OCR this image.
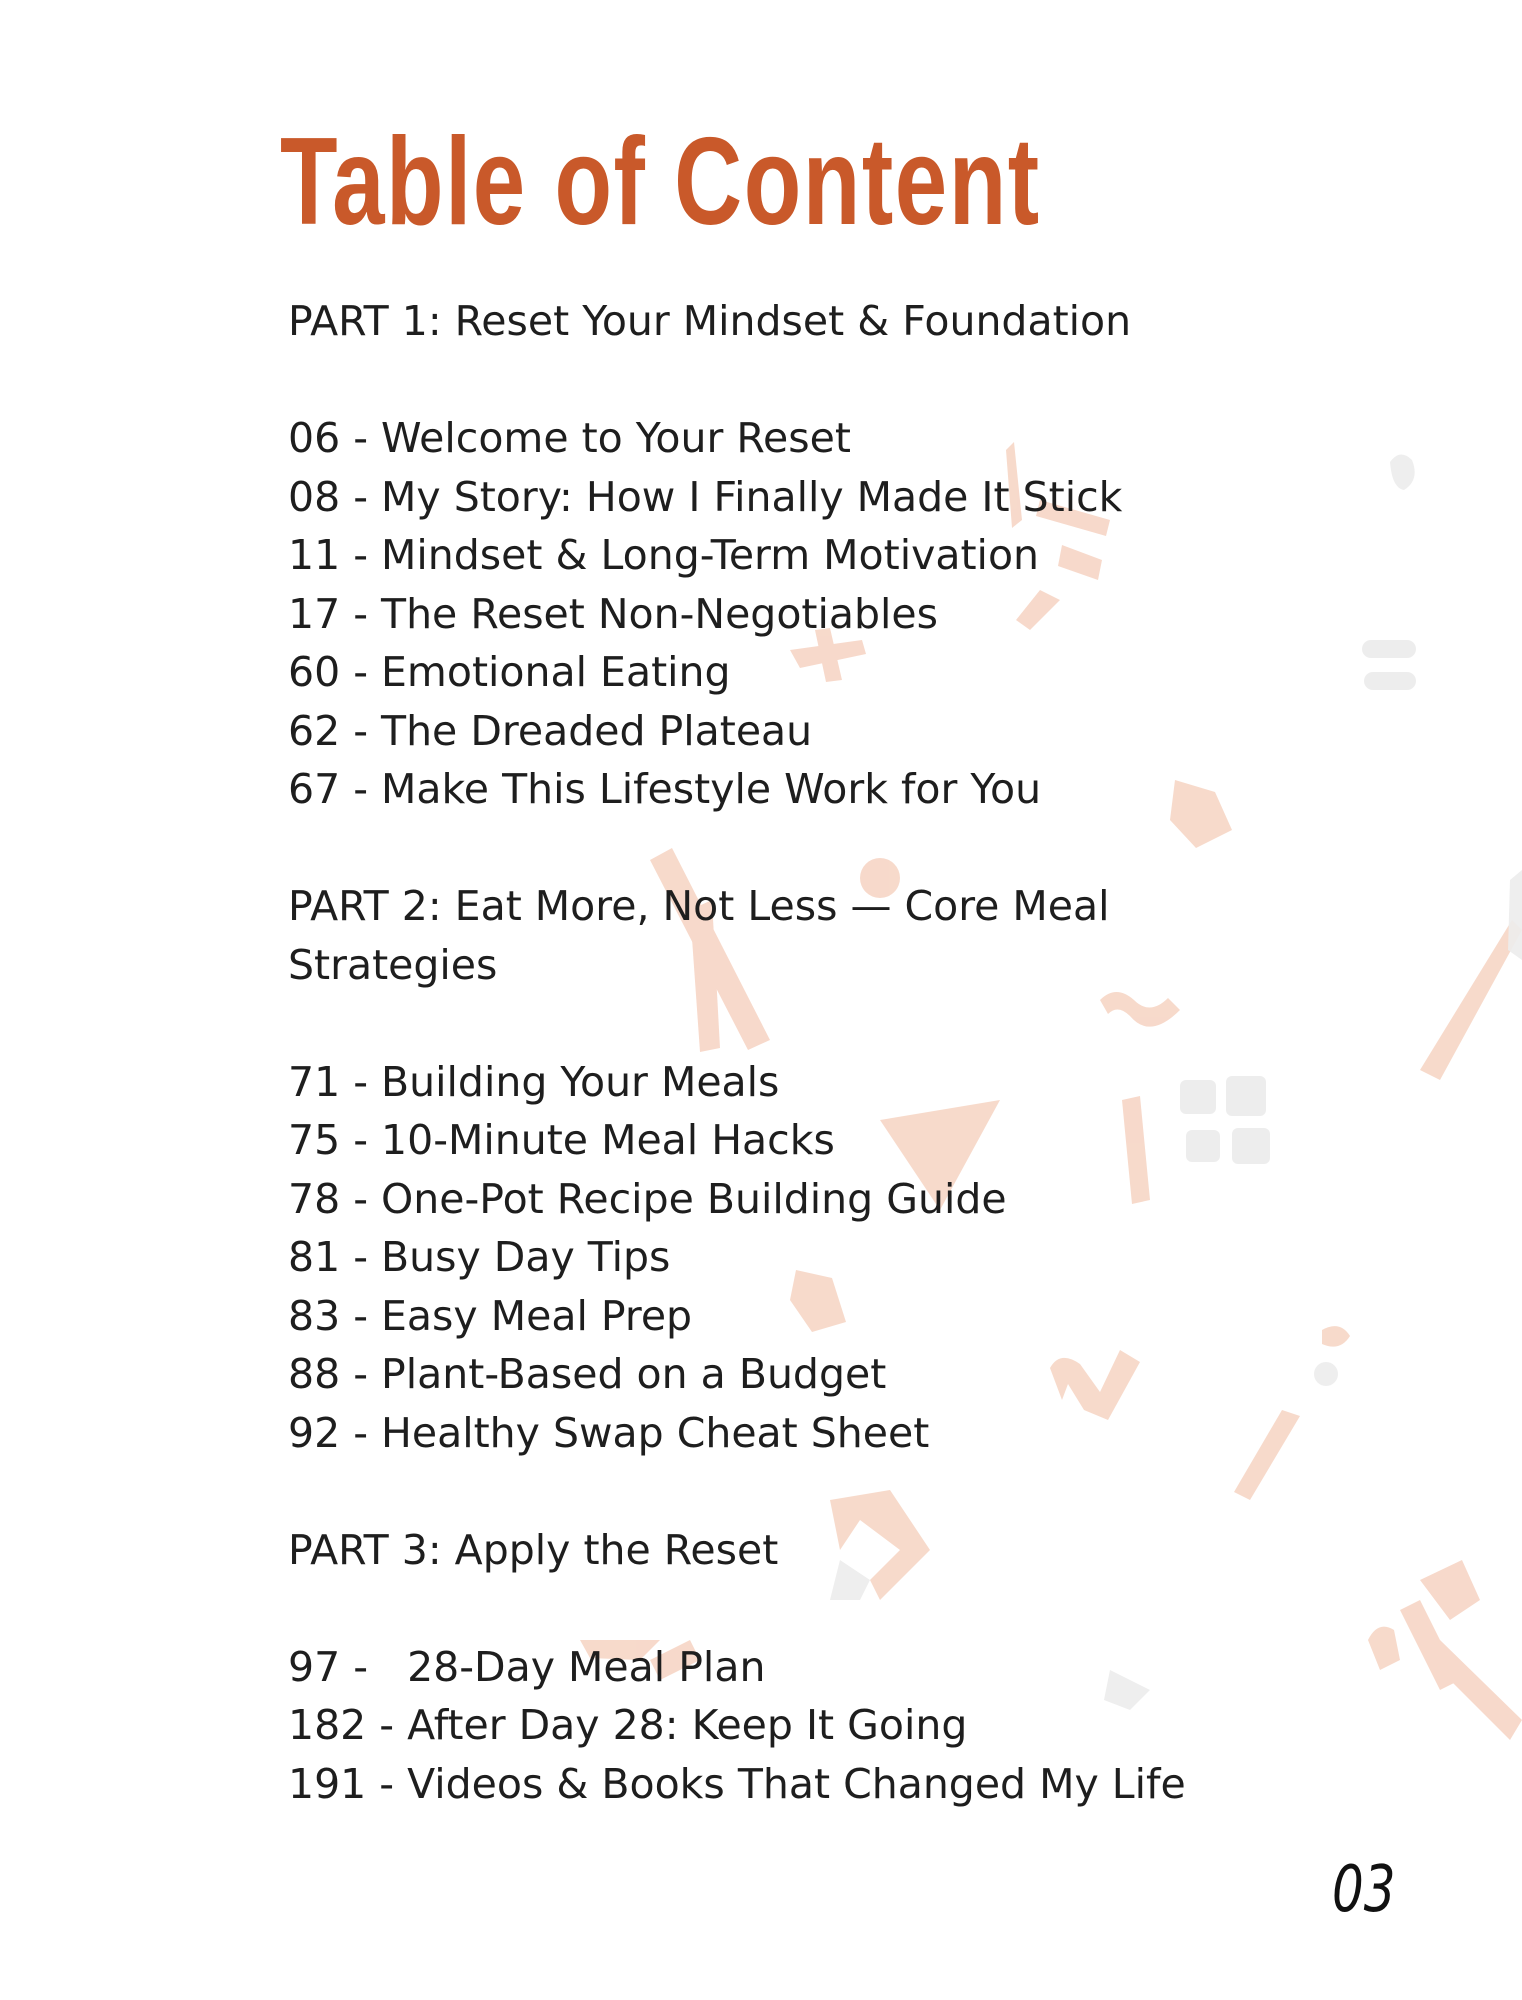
Table of Content
PART 1: Reset Your Mindset & Foundation
06 - Welcome to Your Reset
08 - My Story: How I Finally Made It Stick
11 - Mindset & Long-Term Motivation
17 - The Reset Non-Negotiables
60 - Emotional Eating
62 - The Dreaded Plateau
67 - Make This Lifestyle Work for You
PART 2: Eat More, Not Less — Core Meal Strategies
71 - Building Your Meals
75 - 10-Minute Meal Hacks
78 - One-Pot Recipe Building Guide
81 - Busy Day Tips
83 - Easy Meal Prep
88 - Plant-Based on a Budget
92 - Healthy Swap Cheat Sheet
PART 3: Apply the Reset
97 -   28-Day Meal Plan
182 - After Day 28: Keep It Going
191 - Videos & Books That Changed My Life
03
